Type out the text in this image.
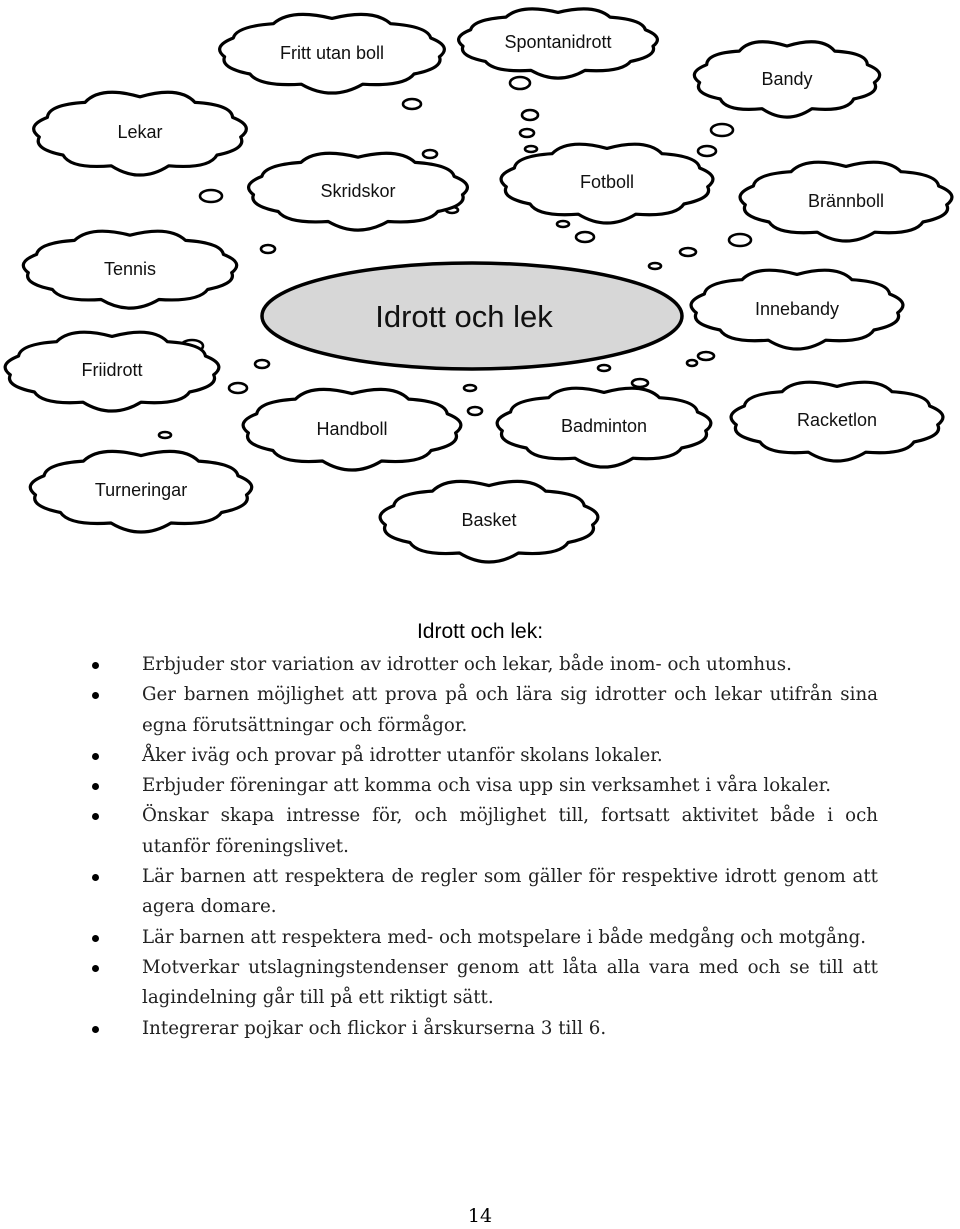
Fritt utan boll
Spontanidrott
Bandy
Lekar
Skridskor	Fotboll
Brännboll
Tennis
Innebandy
Friidrott
Handboll	Badminton	Racketlon
Turneringar
Basket
Idrott och lek
Idrott och lek:
Erbjuder stor variation av idrotter och lekar, både inom- och utomhus.
Ger barnen möjlighet att prova på och lära sig idrotter och lekar utifrån sina egna förutsättningar och förmågor.
Åker iväg och provar på idrotter utanför skolans lokaler.
Erbjuder föreningar att komma och visa upp sin verksamhet i våra lokaler.
Önskar skapa intresse för, och möjlighet till, fortsatt aktivitet både i och utanför föreningslivet.
Lär barnen att respektera de regler som gäller för respektive idrott genom att agera domare.
Lär barnen att respektera med- och motspelare i både medgång och motgång.
Motverkar utslagningstendenser genom att låta alla vara med och se till att lagindelning går till på ett riktigt sätt.
Integrerar pojkar och flickor i årskurserna 3 till 6.
14
